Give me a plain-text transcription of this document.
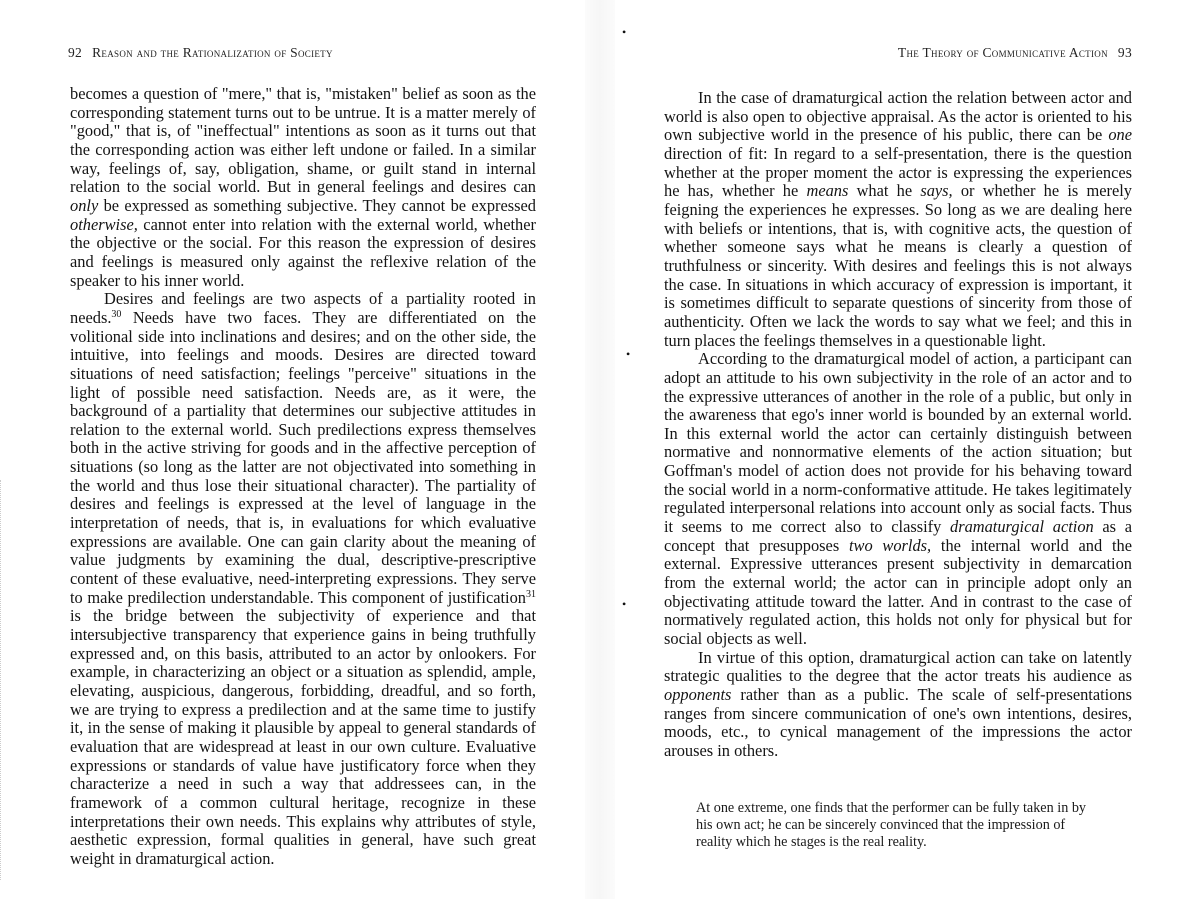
92 Reason and the Rationalization of Society

becomes a question of "mere," that is, "mistaken" belief as soon as the corresponding statement turns out to be untrue. It is a matter merely of "good," that is, of "ineffectual" intentions as soon as it turns out that the corresponding action was either left undone or failed. In a similar way, feelings of, say, obligation, shame, or guilt stand in internal relation to the social world. But in general feelings and desires can only be expressed as something subjective. They cannot be expressed otherwise, cannot enter into relation with the external world, whether the objective or the social. For this reason the expression of desires and feelings is measured only against the reflexive relation of the speaker to his inner world.

Desires and feelings are two aspects of a partiality rooted in needs.$^{30}$ Needs have two faces. They are differentiated on the volitional side into inclinations and desires; and on the other side, the intuitive, into feelings and moods. Desires are directed toward situations of need satisfaction; feelings "perceive" situations in the light of possible need satisfaction. Needs are, as it were, the background of a partiality that determines our subjective attitudes in relation to the external world. Such predilections express themselves both in the active striving for goods and in the affective perception of situations (so long as the latter are not objectivated into something in the world and thus lose their situational character). The partiality of desires and feelings is expressed at the level of language in the interpretation of needs, that is, in evaluations for which evaluative expressions are available. One can gain clarity about the meaning of value judgments by examining the dual, descriptive-prescriptive content of these evaluative, need-interpreting expressions. They serve to make predilection understandable. This component of justification$^{31}$ is the bridge between the subjectivity of experience and that intersubjective transparency that experience gains in being truthfully expressed and, on this basis, attributed to an actor by onlookers. For example, in characterizing an object or a situation as splendid, ample, elevating, auspicious, dangerous, forbidding, dreadful, and so forth, we are trying to express a predilection and at the same time to justify it, in the sense of making it plausible by appeal to general standards of evaluation that are widespread at least in our own culture. Evaluative expressions or standards of value have justificatory force when they characterize a need in such a way that addressees can, in the framework of a common cultural heritage, recognize in these interpretations their own needs. This explains why attributes of style, aesthetic expression, formal qualities in general, have such great weight in dramaturgical action.

The Theory of Communicative Action 93

In the case of dramaturgical action the relation between actor and world is also open to objective appraisal. As the actor is oriented to his own subjective world in the presence of his public, there can be one direction of fit: In regard to a self-presentation, there is the question whether at the proper moment the actor is expressing the experiences he has, whether he means what he says, or whether he is merely feigning the experiences he expresses. So long as we are dealing here with beliefs or intentions, that is, with cognitive acts, the question of whether someone says what he means is clearly a question of truthfulness or sincerity. With desires and feelings this is not always the case. In situations in which accuracy of expression is important, it is sometimes difficult to separate questions of sincerity from those of authenticity. Often we lack the words to say what we feel; and this in turn places the feelings themselves in a questionable light.

According to the dramaturgical model of action, a participant can adopt an attitude to his own subjectivity in the role of an actor and to the expressive utterances of another in the role of a public, but only in the awareness that ego's inner world is bounded by an external world. In this external world the actor can certainly distinguish between normative and nonnormative elements of the action situation; but Goffman's model of action does not provide for his behaving toward the social world in a norm-conformative attitude. He takes legitimately regulated interpersonal relations into account only as social facts. Thus it seems to me correct also to classify dramaturgical action as a concept that presupposes two worlds, the internal world and the external. Expressive utterances present subjectivity in demarcation from the external world; the actor can in principle adopt only an objectivating attitude toward the latter. And in contrast to the case of normatively regulated action, this holds not only for physical but for social objects as well.

In virtue of this option, dramaturgical action can take on latently strategic qualities to the degree that the actor treats his audience as opponents rather than as a public. The scale of self-presentations ranges from sincere communication of one's own intentions, desires, moods, etc., to cynical management of the impressions the actor arouses in others.

At one extreme, one finds that the performer can be fully taken in by his own act; he can be sincerely convinced that the impression of reality which he stages is the real reality.
•
•
•
